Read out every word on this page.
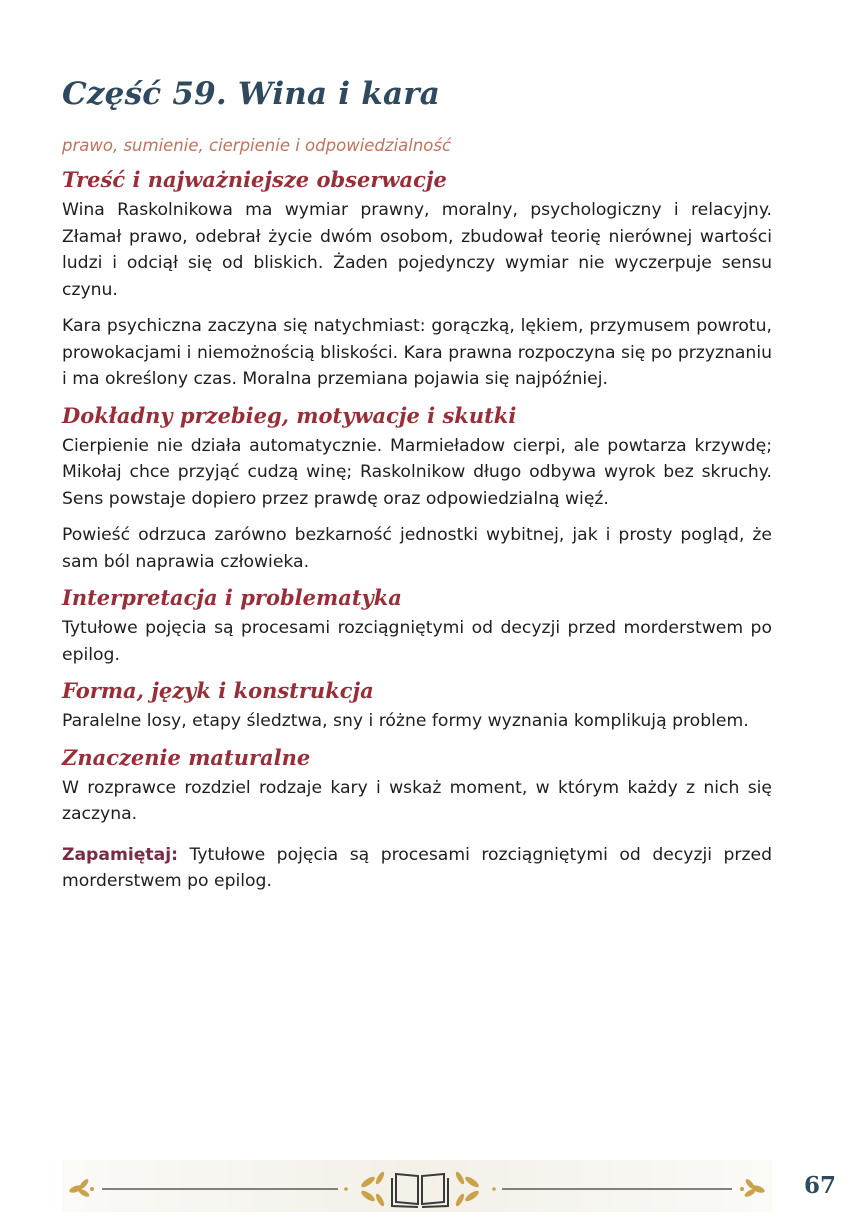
Część 59. Wina i kara
prawo, sumienie, cierpienie i odpowiedzialność
Treść i najważniejsze obserwacje

Wina Raskolnikowa ma wymiar prawny, moralny, psychologiczny i relacyjny. Złamał prawo, odebrał życie dwóm osobom, zbudował teorię nierównej wartości ludzi i odciął się od bliskich. Żaden pojedynczy wymiar nie wyczerpuje sensu czynu.

Kara psychiczna zaczyna się natychmiast: gorączką, lękiem, przymusem powrotu, prowokacjami i niemożnością bliskości. Kara prawna rozpoczyna się po przyznaniu i ma określony czas. Moralna przemiana pojawia się najpóźniej.

Dokładny przebieg, motywacje i skutki

Cierpienie nie działa automatycznie. Marmieładow cierpi, ale powtarza krzywdę; Mikołaj chce przyjąć cudzą winę; Raskolnikow długo odbywa wyrok bez skruchy. Sens powstaje dopiero przez prawdę oraz odpowiedzialną więź.

Powieść odrzuca zarówno bezkarność jednostki wybitnej, jak i prosty pogląd, że sam ból naprawia człowieka.

Interpretacja i problematyka

Tytułowe pojęcia są procesami rozciągniętymi od decyzji przed morderstwem po epilog.

Forma, język i konstrukcja

Paralelne losy, etapy śledztwa, sny i różne formy wyznania komplikują problem.

Znaczenie maturalne

W rozprawce rozdziel rodzaje kary i wskaż moment, w którym każdy z nich się zaczyna.

Zapamiętaj: Tytułowe pojęcia są procesami rozciągniętymi od decyzji przed morderstwem po epilog.

67
